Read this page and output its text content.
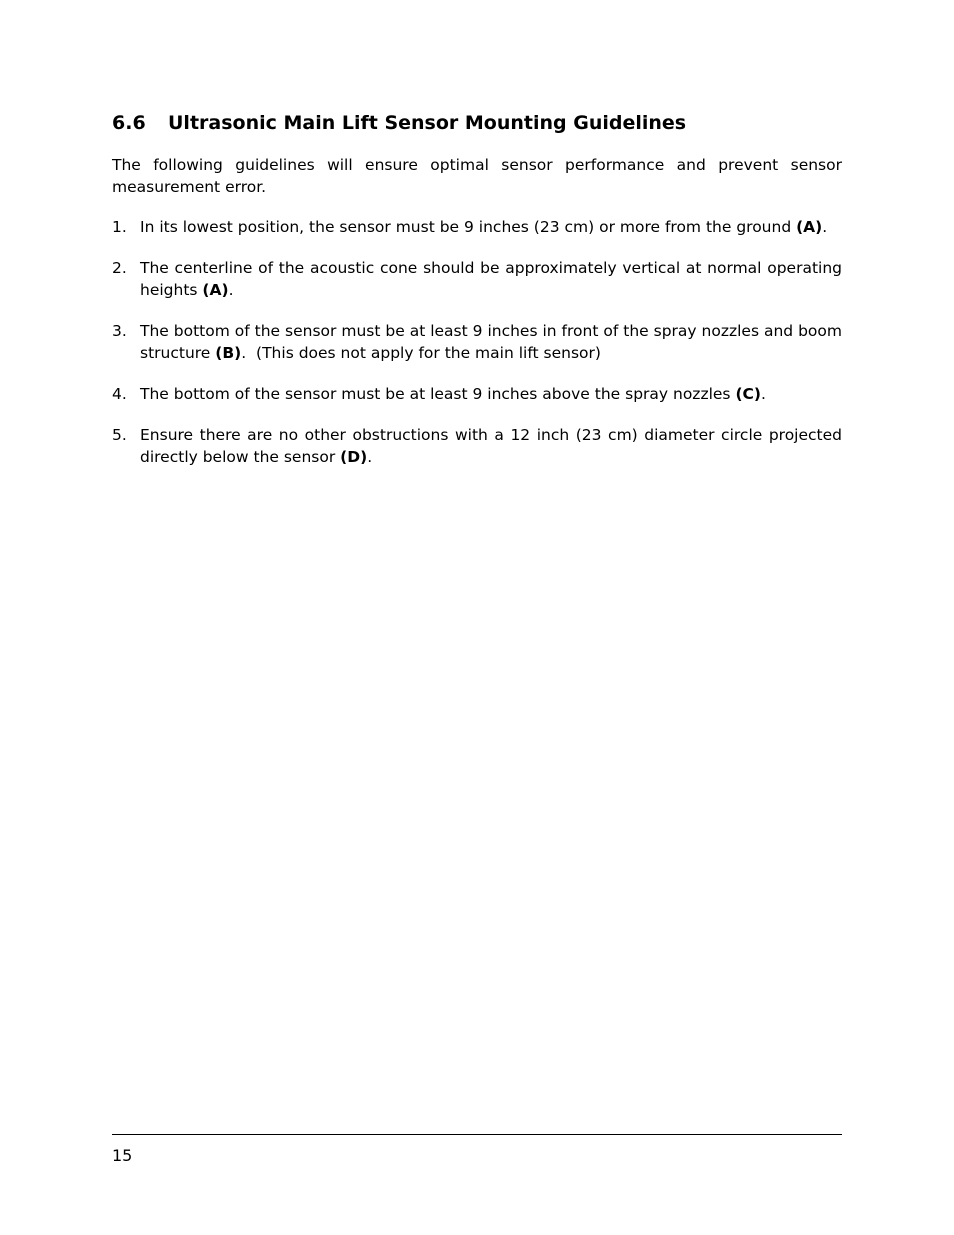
6.6 Ultrasonic Main Lift Sensor Mounting Guidelines

The following guidelines will ensure optimal sensor performance and prevent sensor measurement error.

1. In its lowest position, the sensor must be 9 inches (23 cm) or more from the ground (A).
2. The centerline of the acoustic cone should be approximately vertical at normal operating heights (A).
3. The bottom of the sensor must be at least 9 inches in front of the spray nozzles and boom structure (B).  (This does not apply for the main lift sensor)
4. The bottom of the sensor must be at least 9 inches above the spray nozzles (C).
5. Ensure there are no other obstructions with a 12 inch (23 cm) diameter circle projected directly below the sensor (D).
15
